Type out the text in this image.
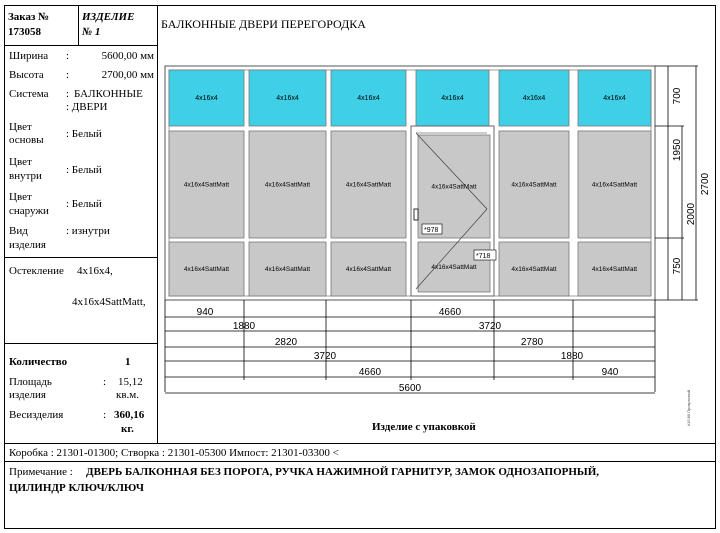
Заказ №
173058
ИЗДЕЛИЕ
№ 1
БАЛКОННЫЕ ДВЕРИ ПЕРЕГОРОДКА
Ширина :	5600,00 мм
Высота :	2700,00 мм
Система : БАЛКОННЫЕ
: ДВЕРИ
Цвет
основы : Белый
Цвет
внутри : Белый
Цвет
снаружи
: Белый
Вид
изделия
: изнутри
Остекление 4x16x4,
4x16x4SattMatt,
Количество	1
Площадь
изделия
: 15,12
кв.м.
Весизделия	: 360,16
кг.
Коробка : 21301-01300; Створка : 21301-05300 Импост: 21301-03300 <
Примечание : ДВЕРЬ БАЛКОННАЯ БЕЗ ПОРОГА, РУЧКА НАЖИМНОЙ ГАРНИТУР, ЗАМОК ОДНОЗАПОРНЫЙ,
ЦИЛИНДР КЛЮЧ/КЛЮЧ
Изделие с упаковкой
4x16x4	4x16x4	4x16x4	4x16x4	4x16x4	4x16x4
4x16x4SattMatt	4x16x4SattMatt	4x16x4SattMatt	4x16x4SattMatt	4x16x4SattMatt	4x16x4SattMatt
4x16x4SattMatt	4x16x4SattMatt	4x16x4SattMatt	4x16x4SattMatt	4x16x4SattMatt	4x16x4SattMatt
*978
*718
700
1950
750
2000
2700
940	4660
1880	3720
2820	2780
3720	1880
4660	940
5600
#15.80 Прозрачный
